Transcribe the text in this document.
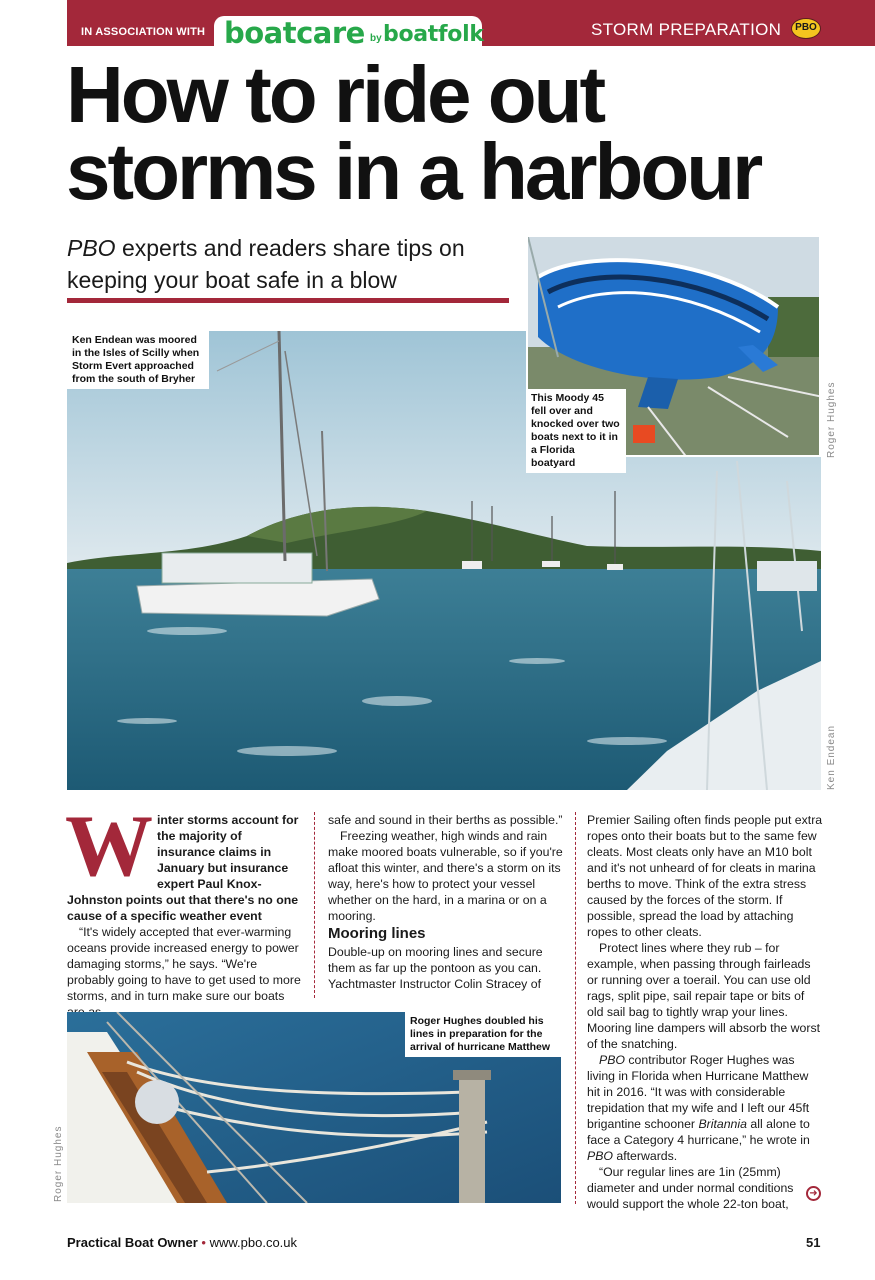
IN ASSOCIATION WITH boatcare by boatfolk	STORM PREPARATION	PBO
How to ride out
storms in a harbour
PBO experts and readers share tips on keeping your boat safe in a blow
Ken Endean was moored in the Isles of Scilly when Storm Evert approached from the south of Bryher
Ken Endean
This Moody 45 fell over and knocked over two boats next to it in a Florida boatyard
Roger Hughes
W inter storms account for the majority of insurance claims in January but insurance expert Paul Knox-Johnston points out that there's no one cause of a specific weather event

“It's widely accepted that ever-warming oceans provide increased energy to power damaging storms,” he says. “We're probably going to have to get used to more storms, and in turn make sure our boats

safe and sound in their berths as possible.”

Freezing weather, high winds and rain make moored boats vulnerable, so if you're afloat this winter, and there's a storm on its way, here's how to protect your vessel whether on the hard, in a marina or on a mooring.

Mooring lines

Double-up on mooring lines and secure them as far up the pontoon as you can. Yachtmaster Instructor Colin Stracey of

Premier Sailing often finds people put extra ropes onto their boats but to the same few cleats. Most cleats only have an M10 bolt and it's not unheard of for cleats in marina berths to move. Think of the extra stress caused by the forces of the storm. If possible, spread the load by attaching ropes to other cleats.

Protect lines where they rub – for example, when passing through fairleads or running over a toerail. You can use old rags, split pipe, sail repair tape or bits of old sail bag to tightly wrap your lines. Mooring line dampers will absorb the worst of the snatching.

PBO contributor Roger Hughes was living in Florida when Hurricane Matthew hit in 2016. “It was with considerable trepidation that my wife and I left our 45ft brigantine schooner Britannia all alone to face a Category 4 hurricane,” he wrote in PBO afterwards.

“Our regular lines are 1in (25mm) diameter and under normal conditions would support the whole 22-ton boat,

➜
Roger Hughes doubled his lines in preparation for the arrival of hurricane Matthew
Roger Hughes
Practical Boat Owner • www.pbo.co.uk	51
